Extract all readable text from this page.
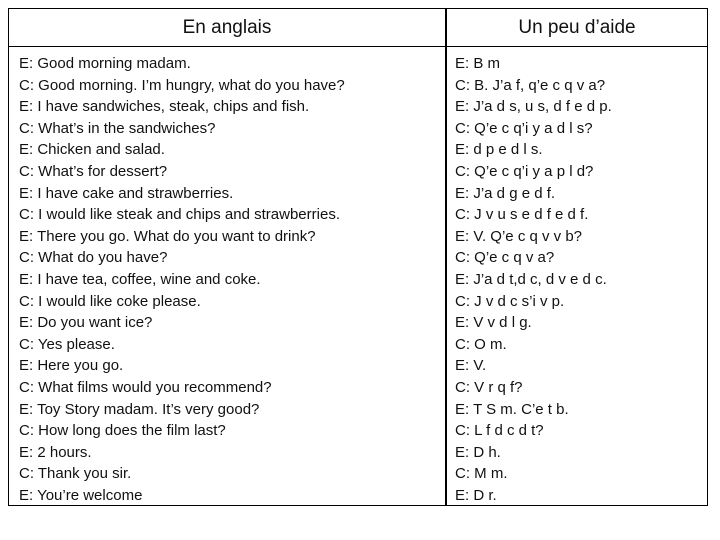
En anglais	Un peu d’aide
E: Good morning madam.
C: Good morning. I’m hungry, what do you have?
E: I have sandwiches, steak, chips and fish.
C: What’s in the sandwiches?
E: Chicken and salad.
C: What’s for dessert?
E: I have cake and strawberries.
C: I would like steak and chips and strawberries.
E: There you go. What do you want to drink?
C: What do you have?
E: I have tea, coffee, wine and coke.
C: I would like coke please.
E: Do you want ice?
C: Yes please.
E: Here you go.
C: What films would you recommend?
E: Toy Story madam. It’s very good?
C: How long does the film last?
E: 2 hours.
C: Thank you sir.
E: You’re welcome
E: B m
C: B. J’a f, q’e c q v a?
E: J’a d s, u s, d f e d p.
C: Q’e c q’i y a d l s?
E: d p e d l s.
C: Q’e c q’i y a p l d?
E: J’a d g e d f.
C: J v u s e d f e d f.
E: V. Q’e c q v v b?
C: Q’e c q v a?
E: J’a d t,d c, d v e d c.
C: J v d c s’i v p.
E: V v d l g.
C: O m.
E: V.
C: V r q f?
E: T S m. C’e t b.
C: L f d c d t?
E: D h.
C: M m.
E: D r.
